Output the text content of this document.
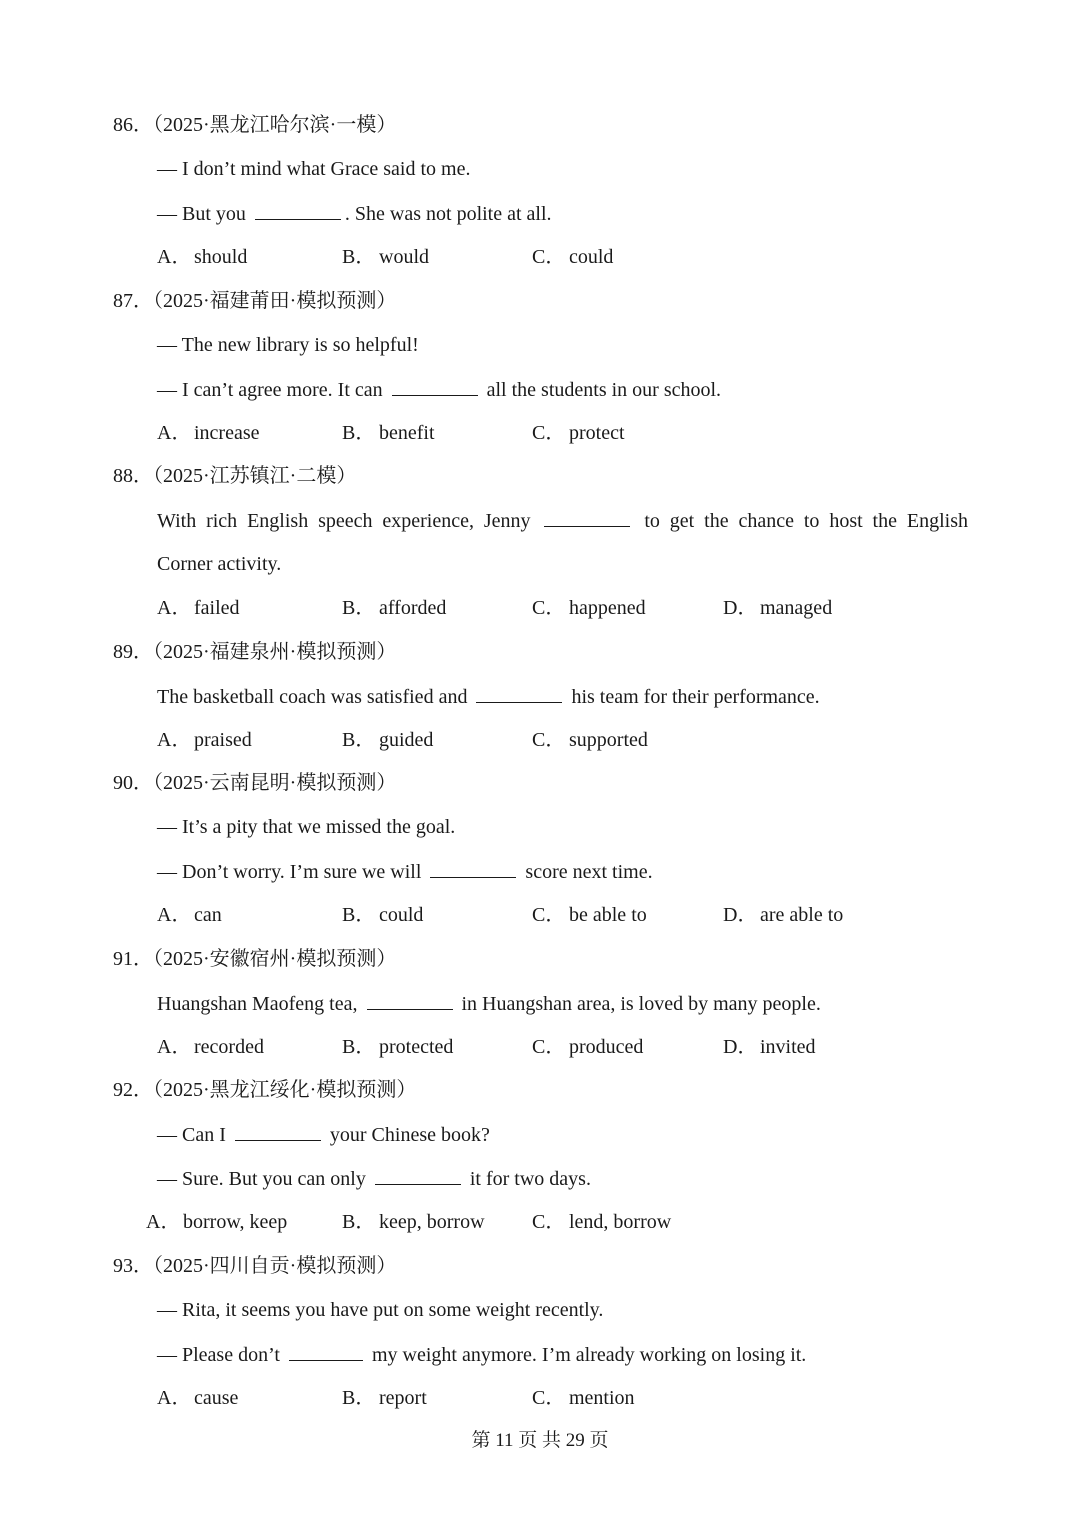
86．（2025·黑龙江哈尔滨·一模）
— I don’t mind what Grace said to me.
— But you	. She was not polite at all.
A． should	B． would	C． could
87．（2025·福建莆田·模拟预测）
— The new library is so helpful!
— I can’t agree more. It can	all the students in our school.
A． increase	B． benefit	C． protect
88．（2025·江苏镇江·二模）
With rich English speech experience, Jenny	to get the chance to host the English
Corner activity.
A． failed	B． afforded	C． happened	D． managed
89．（2025·福建泉州·模拟预测）
The basketball coach was satisfied and	his team for their performance.
A． praised	B． guided	C． supported
90．（2025·云南昆明·模拟预测）
— It’s a pity that we missed the goal.
— Don’t worry. I’m sure we will	score next time.
A． can	B． could	C． be able to	D． are able to
91．（2025·安徽宿州·模拟预测）
Huangshan Maofeng tea,	in Huangshan area, is loved by many people.
A． recorded	B． protected	C． produced	D． invited
92．（2025·黑龙江绥化·模拟预测）
— Can I	your Chinese book?
— Sure. But you can only	it for two days.
A． borrow, keep	B． keep, borrow C． lend, borrow
93．（2025·四川自贡·模拟预测）
— Rita, it seems you have put on some weight recently.
— Please don’t	my weight anymore. I’m already working on losing it.
A． cause	B． report	C． mention
第 11 页 共 29 页
